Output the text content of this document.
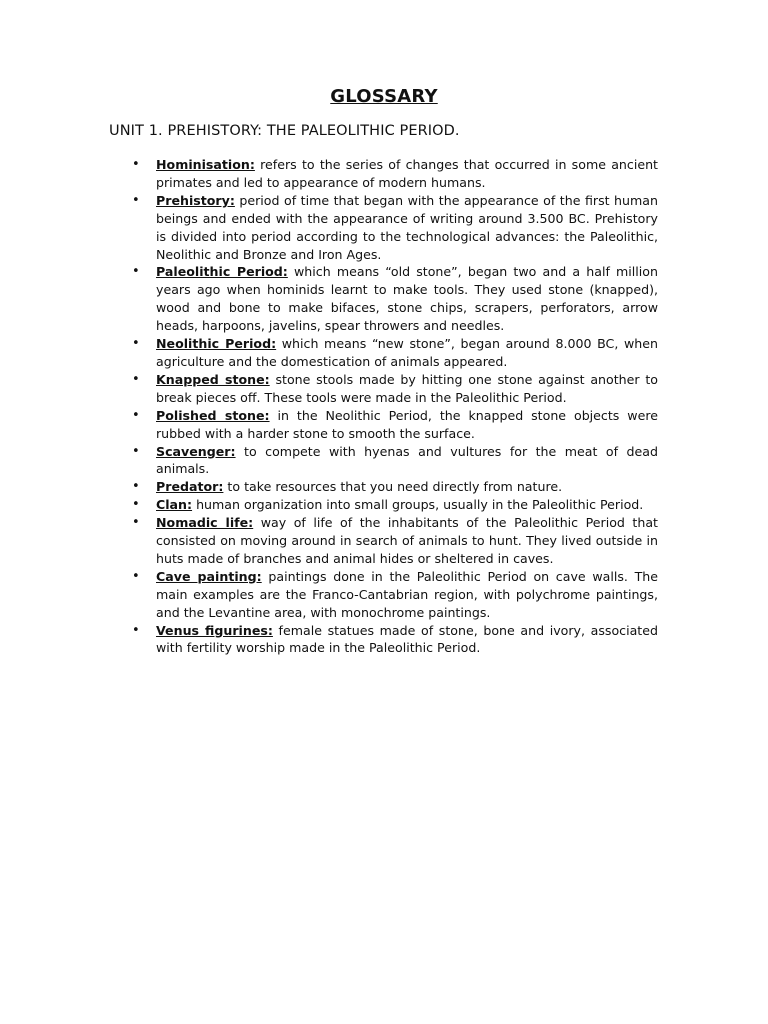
GLOSSARY
UNIT 1. PREHISTORY: THE PALEOLITHIC PERIOD.
• Hominisation: refers to the series of changes that occurred in some ancient primates and led to appearance of modern humans.
• Prehistory: period of time that began with the appearance of the first human beings and ended with the appearance of writing around 3.500 BC. Prehistory is divided into period according to the technological advances: the Paleolithic, Neolithic and Bronze and Iron Ages.
• Paleolithic Period: which means “old stone”, began two and a half million years ago when hominids learnt to make tools. They used stone (knapped), wood and bone to make bifaces, stone chips, scrapers, perforators, arrow heads, harpoons, javelins, spear throwers and needles.
• Neolithic Period: which means “new stone”, began around 8.000 BC, when agriculture and the domestication of animals appeared.
• Knapped stone: stone stools made by hitting one stone against another to break pieces off. These tools were made in the Paleolithic Period.
• Polished stone: in the Neolithic Period, the knapped stone objects were rubbed with a harder stone to smooth the surface.
• Scavenger: to compete with hyenas and vultures for the meat of dead animals.
• Predator: to take resources that you need directly from nature.
• Clan: human organization into small groups, usually in the Paleolithic Period.
• Nomadic life: way of life of the inhabitants of the Paleolithic Period that consisted on moving around in search of animals to hunt. They lived outside in huts made of branches and animal hides or sheltered in caves.
• Cave painting: paintings done in the Paleolithic Period on cave walls. The main examples are the Franco-Cantabrian region, with polychrome paintings, and the Levantine area, with monochrome paintings.
• Venus figurines: female statues made of stone, bone and ivory, associated with fertility worship made in the Paleolithic Period.
